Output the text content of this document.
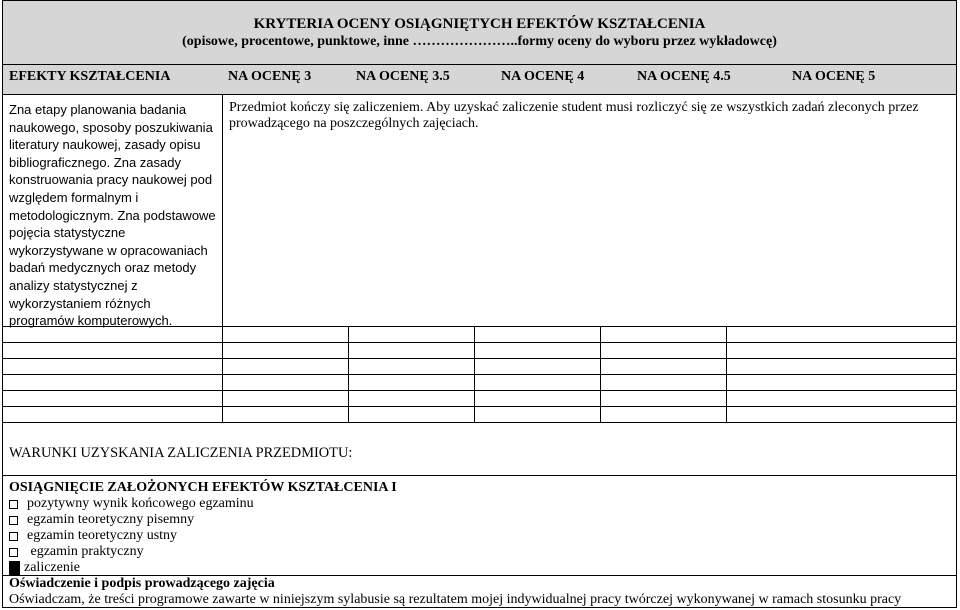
KRYTERIA OCENY OSIĄGNIĘTYCH EFEKTÓW KSZTAŁCENIA
(opisowe, procentowe, punktowe, inne …………………..formy oceny do wyboru przez wykładowcę)
EFEKTY KSZTAŁCENIA	NA OCENĘ 3	NA OCENĘ 3.5	NA OCENĘ 4	NA OCENĘ 4.5	NA OCENĘ 5
Zna etapy planowania badania naukowego, sposoby poszukiwania literatury naukowej, zasady opisu bibliograficznego. Zna zasady konstruowania pracy naukowej pod względem formalnym i metodologicznym. Zna podstawowe pojęcia statystyczne wykorzystywane w opracowaniach badań medycznych oraz metody analizy statystycznej z wykorzystaniem różnych programów komputerowych.
Przedmiot kończy się zaliczeniem. Aby uzyskać zaliczenie student musi rozliczyć się ze wszystkich zadań zleconych przez prowadzącego na poszczególnych zajęciach.
WARUNKI UZYSKANIA ZALICZENIA PRZEDMIOTU:
OSIĄGNIĘCIE ZAŁOŻONYCH EFEKTÓW KSZTAŁCENIA I
pozytywny wynik końcowego egzaminu
egzamin teoretyczny pisemny
egzamin teoretyczny ustny
egzamin praktyczny
zaliczenie
Oświadczenie i podpis prowadzącego zajęcia
Oświadczam, że treści programowe zawarte w niniejszym sylabusie są rezultatem mojej indywidualnej pracy twórczej wykonywanej w ramach stosunku pracy
